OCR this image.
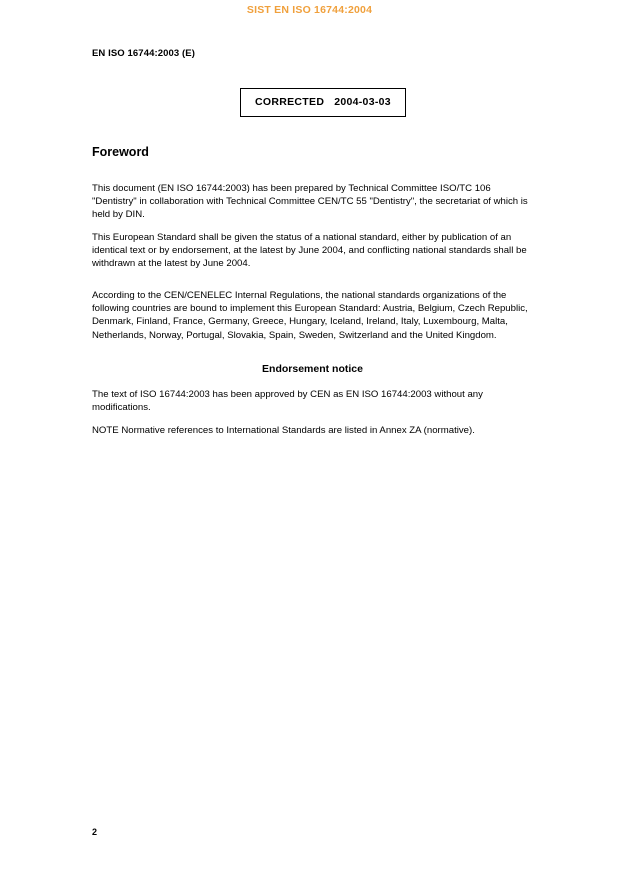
SIST EN ISO 16744:2004
EN ISO 16744:2003 (E)
CORRECTED 2004-03-03
Foreword
This document (EN ISO 16744:2003) has been prepared by Technical Committee ISO/TC 106 "Dentistry" in collaboration with Technical Committee CEN/TC 55 "Dentistry", the secretariat of which is held by DIN.
This European Standard shall be given the status of a national standard, either by publication of an identical text or by endorsement, at the latest by June 2004, and conflicting national standards shall be withdrawn at the latest by June 2004.
According to the CEN/CENELEC Internal Regulations, the national standards organizations of the following countries are bound to implement this European Standard: Austria, Belgium, Czech Republic, Denmark, Finland, France, Germany, Greece, Hungary, Iceland, Ireland, Italy, Luxembourg, Malta, Netherlands, Norway, Portugal, Slovakia, Spain, Sweden, Switzerland and the United Kingdom.
Endorsement notice
The text of ISO 16744:2003 has been approved by CEN as EN ISO 16744:2003 without any modifications.
NOTE Normative references to International Standards are listed in Annex ZA (normative).
2
